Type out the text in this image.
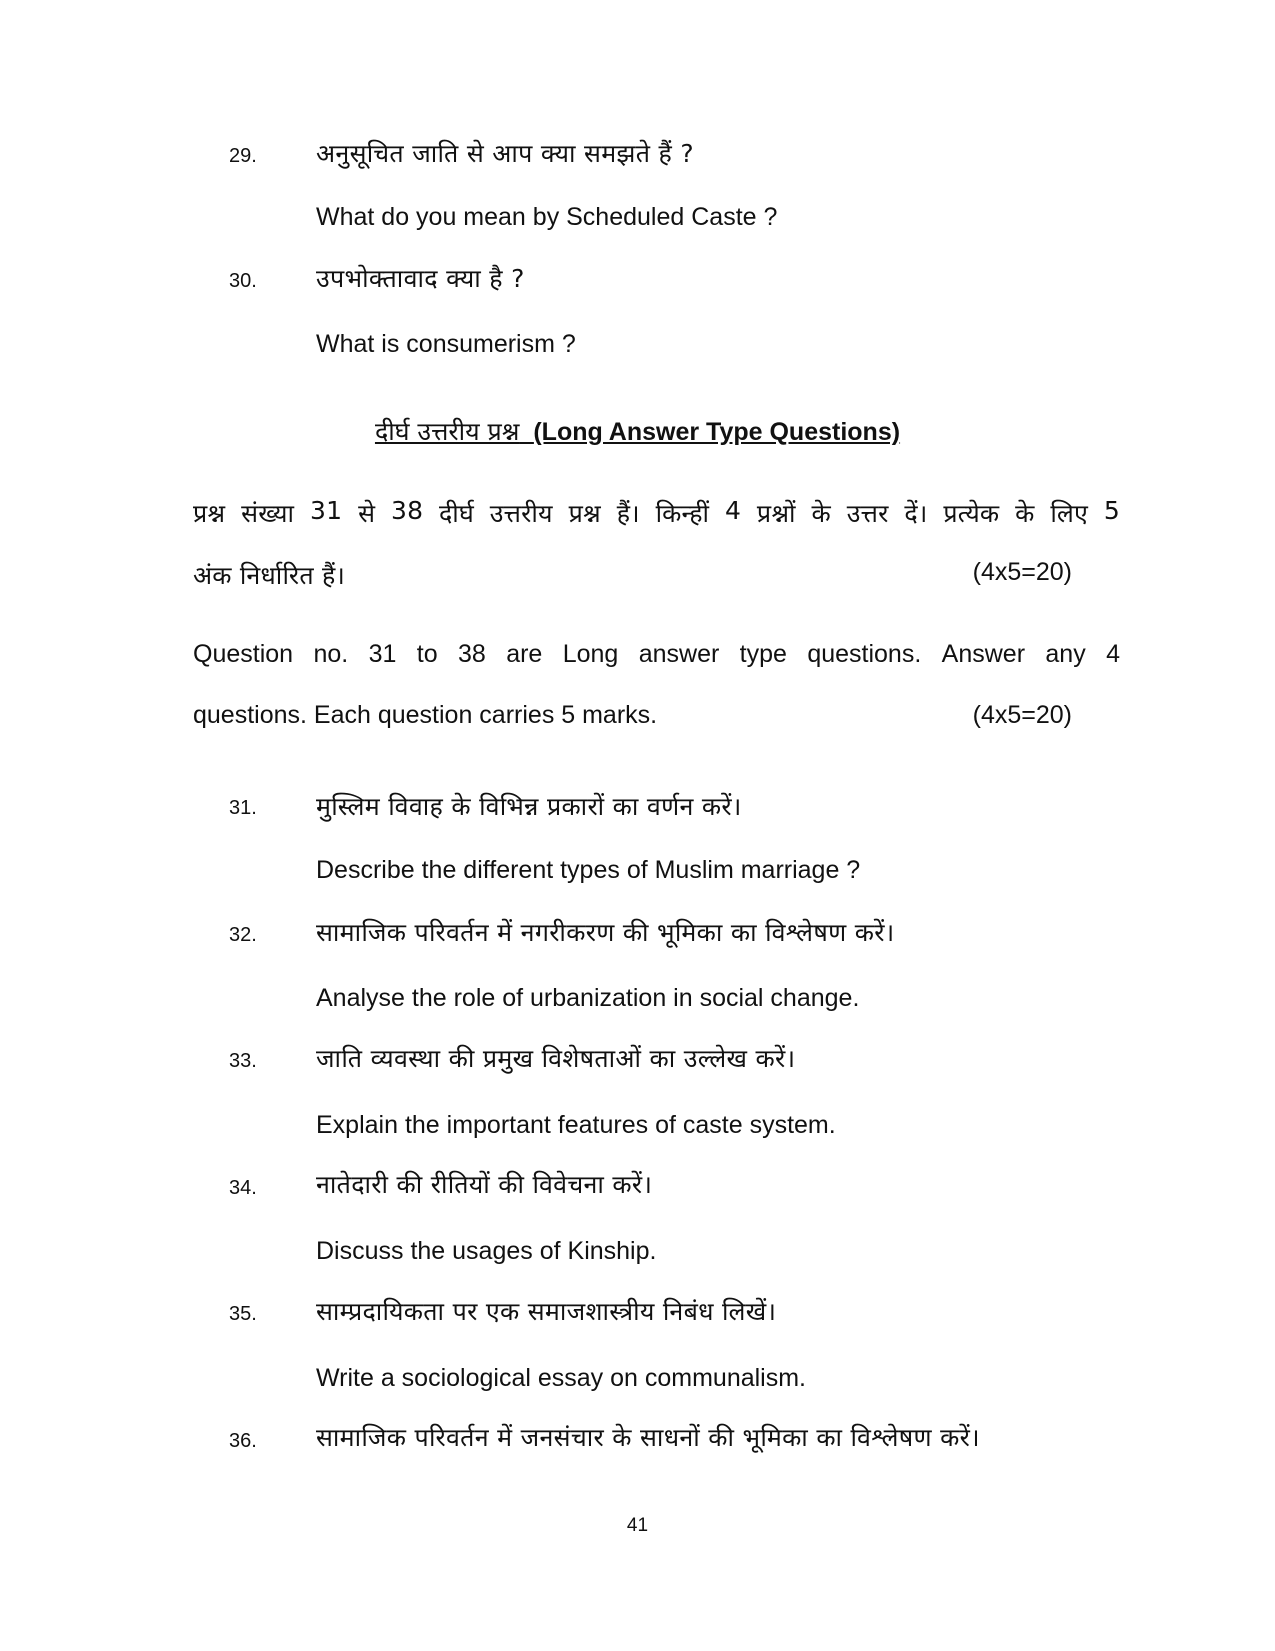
29. अनुसूचित जाति से आप क्या समझते हैं ?
What do you mean by Scheduled Caste ?
30. उपभोक्तावाद क्या है ?
What is consumerism ?
दीर्घ उत्तरीय प्रश्न (Long Answer Type Questions)
प्रश्न संख्या 31 से 38 दीर्घ उत्तरीय प्रश्न हैं। किन्हीं 4 प्रश्नों के उत्तर दें। प्रत्येक के लिए 5
अंक निर्धारित हैं।	(4x5=20)
Question no. 31 to 38 are Long answer type questions. Answer any 4
questions. Each question carries 5 marks.	(4x5=20)
31. मुस्लिम विवाह के विभिन्न प्रकारों का वर्णन करें।
Describe the different types of Muslim marriage ?
32. सामाजिक परिवर्तन में नगरीकरण की भूमिका का विश्लेषण करें।
Analyse the role of urbanization in social change.
33. जाति व्यवस्था की प्रमुख विशेषताओं का उल्लेख करें।
Explain the important features of caste system.
34. नातेदारी की रीतियों की विवेचना करें।
Discuss the usages of Kinship.
35. साम्प्रदायिकता पर एक समाजशास्त्रीय निबंध लिखें।
Write a sociological essay on communalism.
36. सामाजिक परिवर्तन में जनसंचार के साधनों की भूमिका का विश्लेषण करें।
41
